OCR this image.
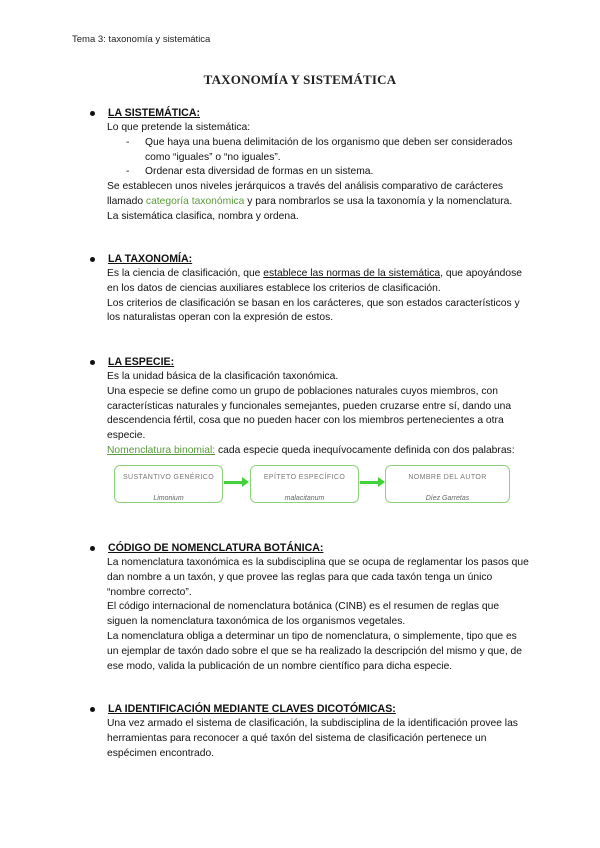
Tema 3: taxonomía y sistemática
TAXONOMÍA Y SISTEMÁTICA
LA SISTEMÁTICA:
Lo que pretende la sistemática:
- Que haya una buena delimitación de los organismo que deben ser considerados como “iguales” o “no iguales”.
- Ordenar esta diversidad de formas en un sistema.
Se establecen unos niveles jerárquicos a través del análisis comparativo de carácteres llamado categoría taxonómica y para nombrarlos se usa la taxonomía y la nomenclatura.
La sistemática clasifica, nombra y ordena.
LA TAXONOMÍA:
Es la ciencia de clasificación, que establece las normas de la sistemática, que apoyándose en los datos de ciencias auxiliares establece los criterios de clasificación.
Los criterios de clasificación se basan en los carácteres, que son estados característicos y los naturalistas operan con la expresión de estos.
LA ESPECIE:
Es la unidad básica de la clasificación taxonómica.
Una especie se define como un grupo de poblaciones naturales cuyos miembros, con características naturales y funcionales semejantes, pueden cruzarse entre sí, dando una descendencia fértil, cosa que no pueden hacer con los miembros pertenecientes a otra especie.
Nomenclatura binomial: cada especie queda inequívocamente definida con dos palabras:
SUSTANTIVO GENÉRICO
Limonium
EPÍTETO ESPECÍFICO
malacitanum
NOMBRE DEL AUTOR
Díez Garretas
CÓDIGO DE NOMENCLATURA BOTÁNICA:
La nomenclatura taxonómica es la subdisciplina que se ocupa de reglamentar los pasos que dan nombre a un taxón, y que provee las reglas para que cada taxón tenga un único “nombre correcto”.
El código internacional de nomenclatura botánica (CINB) es el resumen de reglas que siguen la nomenclatura taxonómica de los organismos vegetales.
La nomenclatura obliga a determinar un tipo de nomenclatura, o simplemente, tipo que es un ejemplar de taxón dado sobre el que se ha realizado la descripción del mismo y que, de ese modo, valida la publicación de un nombre científico para dicha especie.
LA IDENTIFICACIÓN MEDIANTE CLAVES DICOTÓMICAS:
Una vez armado el sistema de clasificación, la subdisciplina de la identificación provee las herramientas para reconocer a qué taxón del sistema de clasificación pertenece un espécimen encontrado.
